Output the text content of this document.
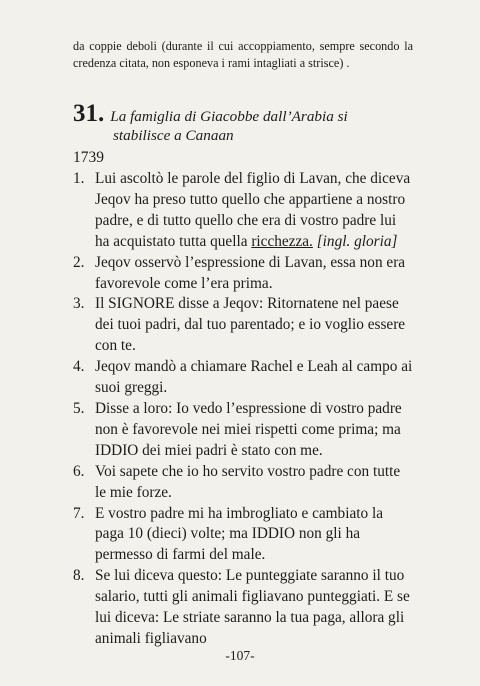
da coppie deboli (durante il cui accoppiamento, sempre secondo la credenza citata, non esponeva i rami intagliati a strisce) .

31. La famiglia di Giacobbe dall’Arabia si
stabilisce a Canaan
1739
1. Lui ascoltò le parole del figlio di Lavan, che diceva Jeqov ha preso tutto quello che appartiene a nostro padre, e di tutto quello che era di vostro padre lui ha acquistato tutta quella ricchezza. [ingl. gloria]
2. Jeqov osservò l’espressione di Lavan, essa non era favorevole come l’era prima.
3. Il SIGNORE disse a Jeqov: Ritornatene nel paese dei tuoi padri, dal tuo parentado; e io voglio essere con te.
4. Jeqov mandò a chiamare Rachel e Leah al campo ai suoi greggi.
5. Disse a loro: Io vedo l’espressione di vostro padre non è favorevole nei miei rispetti come prima; ma IDDIO dei miei padri è stato con me.
6. Voi sapete che io ho servito vostro padre con tutte le mie forze.
7. E vostro padre mi ha imbrogliato e cambiato la paga 10 (dieci) volte; ma IDDIO non gli ha permesso di farmi del male.
8. Se lui diceva questo: Le punteggiate saranno il tuo salario, tutti gli animali figliavano punteggiati. E se lui diceva: Le striate saranno la tua paga, allora gli animali figliavano
-107-
